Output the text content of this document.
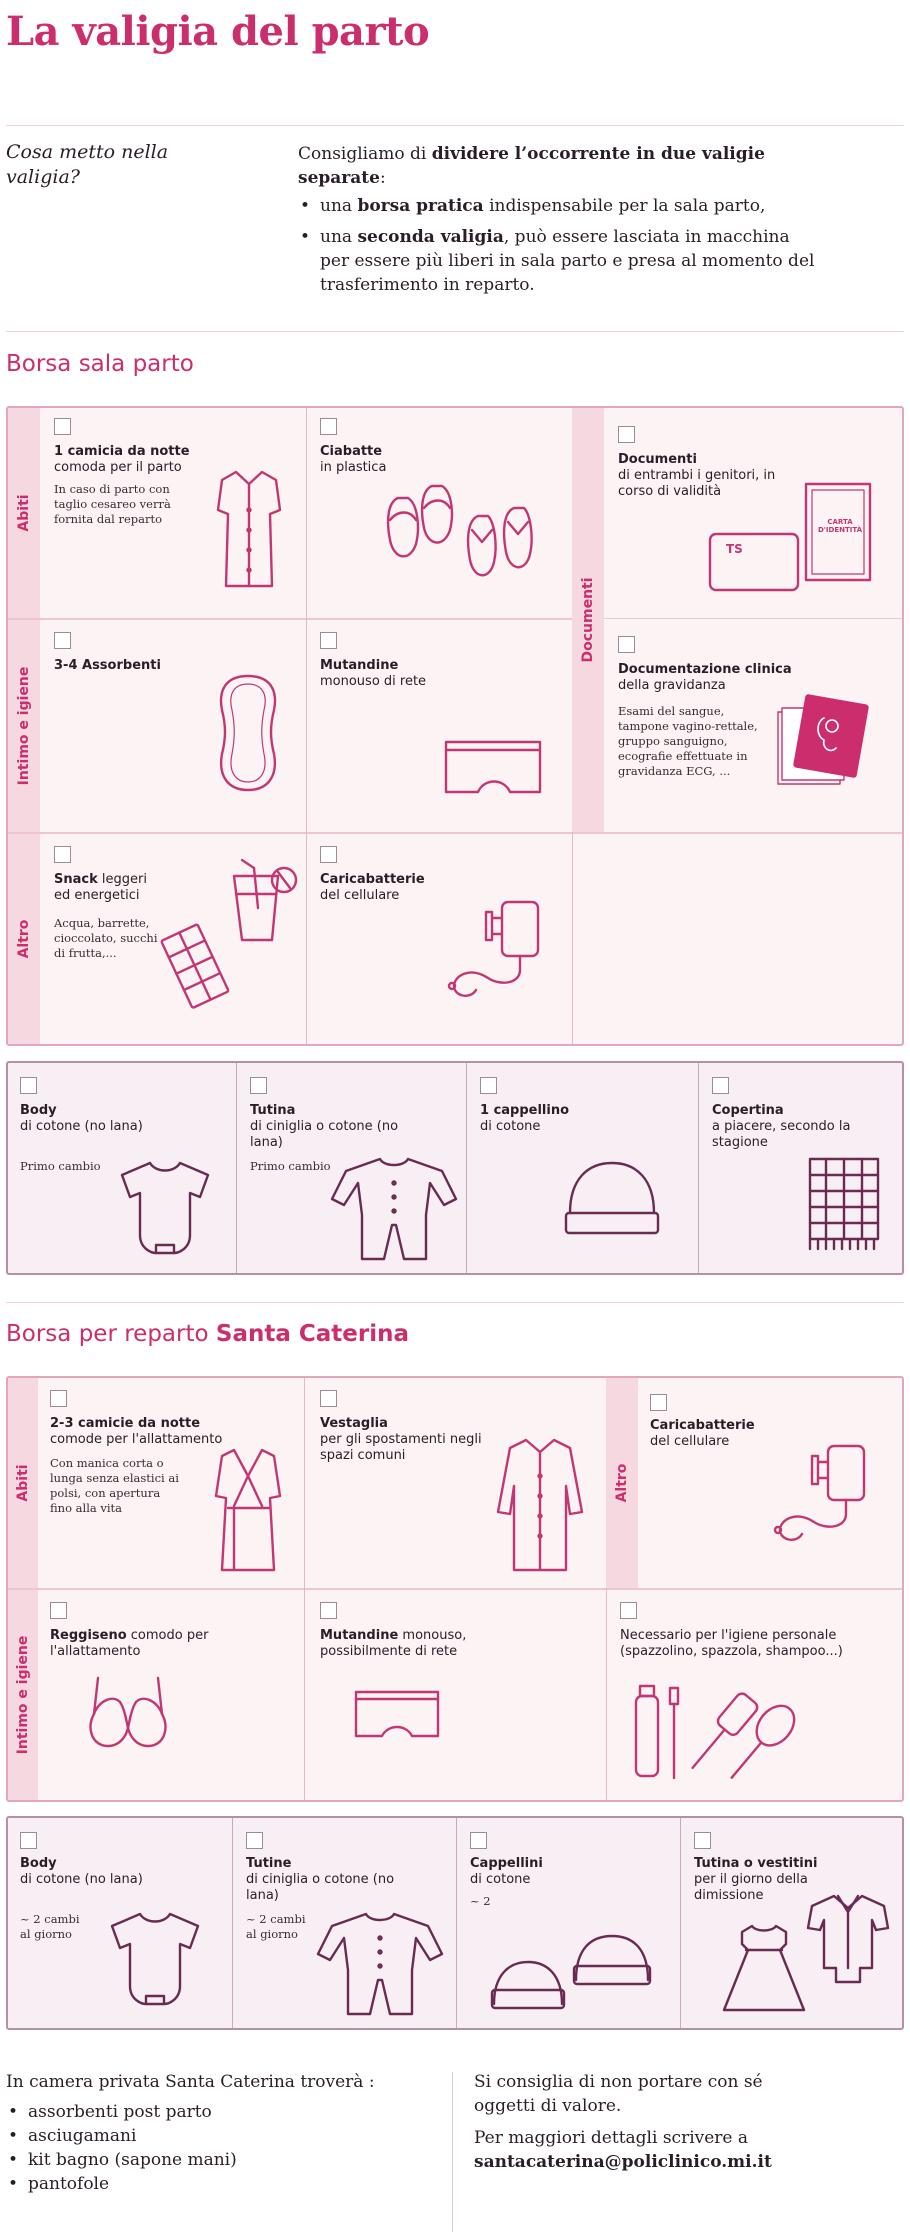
La valigia del parto
Cosa metto nella valigia?
Consigliamo di dividere l’occorrente in due valigie separate:
• una borsa pratica indispensabile per la sala parto,
• una seconda valigia, può essere lasciata in macchina per essere più liberi in sala parto e presa al momento del trasferimento in reparto.
Borsa sala parto
Abiti
Intimo e igiene
Altro
Documenti
1 camicia da notte
comoda per il parto
In caso di parto con taglio cesareo verrà fornita dal reparto
Ciabatte
in plastica
Documenti
di entrambi i genitori, in corso di validità
TS
CARTA D'IDENTITÀ
3-4 Assorbenti	Mutandine
monouso di rete
Documentazione clinica
della gravidanza
Esami del sangue, tampone vagino-rettale, gruppo sanguigno, ecografie effettuate in gravidanza ECG, ...
Snack leggeri ed energetici
Acqua, barrette, cioccolato, succhi di frutta,...
Caricabatterie
del cellulare
Body
di cotone (no lana)
Primo cambio
Tutina
di ciniglia o cotone (no lana)
Primo cambio
1 cappellino
di cotone
Copertina
a piacere, secondo la stagione
Borsa per reparto Santa Caterina
Abiti
Intimo e igiene
Altro
2-3 camicie da notte
comode per l'allattamento
Con manica corta o lunga senza elastici ai polsi, con apertura fino alla vita
Vestaglia
per gli spostamenti negli spazi comuni
Caricabatterie
del cellulare
Reggiseno comodo per l'allattamento
Mutandine monouso, possibilmente di rete
Necessario per l'igiene personale (spazzolino, spazzola, shampoo...)
Body
di cotone (no lana)
~ 2 cambi al giorno
Tutine
di ciniglia o cotone (no lana)
~ 2 cambi al giorno
Cappellini
di cotone
~ 2
Tutina o vestitini
per il giorno della dimissione
In camera privata Santa Caterina troverà :
• assorbenti post parto
• asciugamani
• kit bagno (sapone mani)
• pantofole
Si consiglia di non portare con sé oggetti di valore.
Per maggiori dettagli scrivere a santacaterina@policlinico.mi.it
